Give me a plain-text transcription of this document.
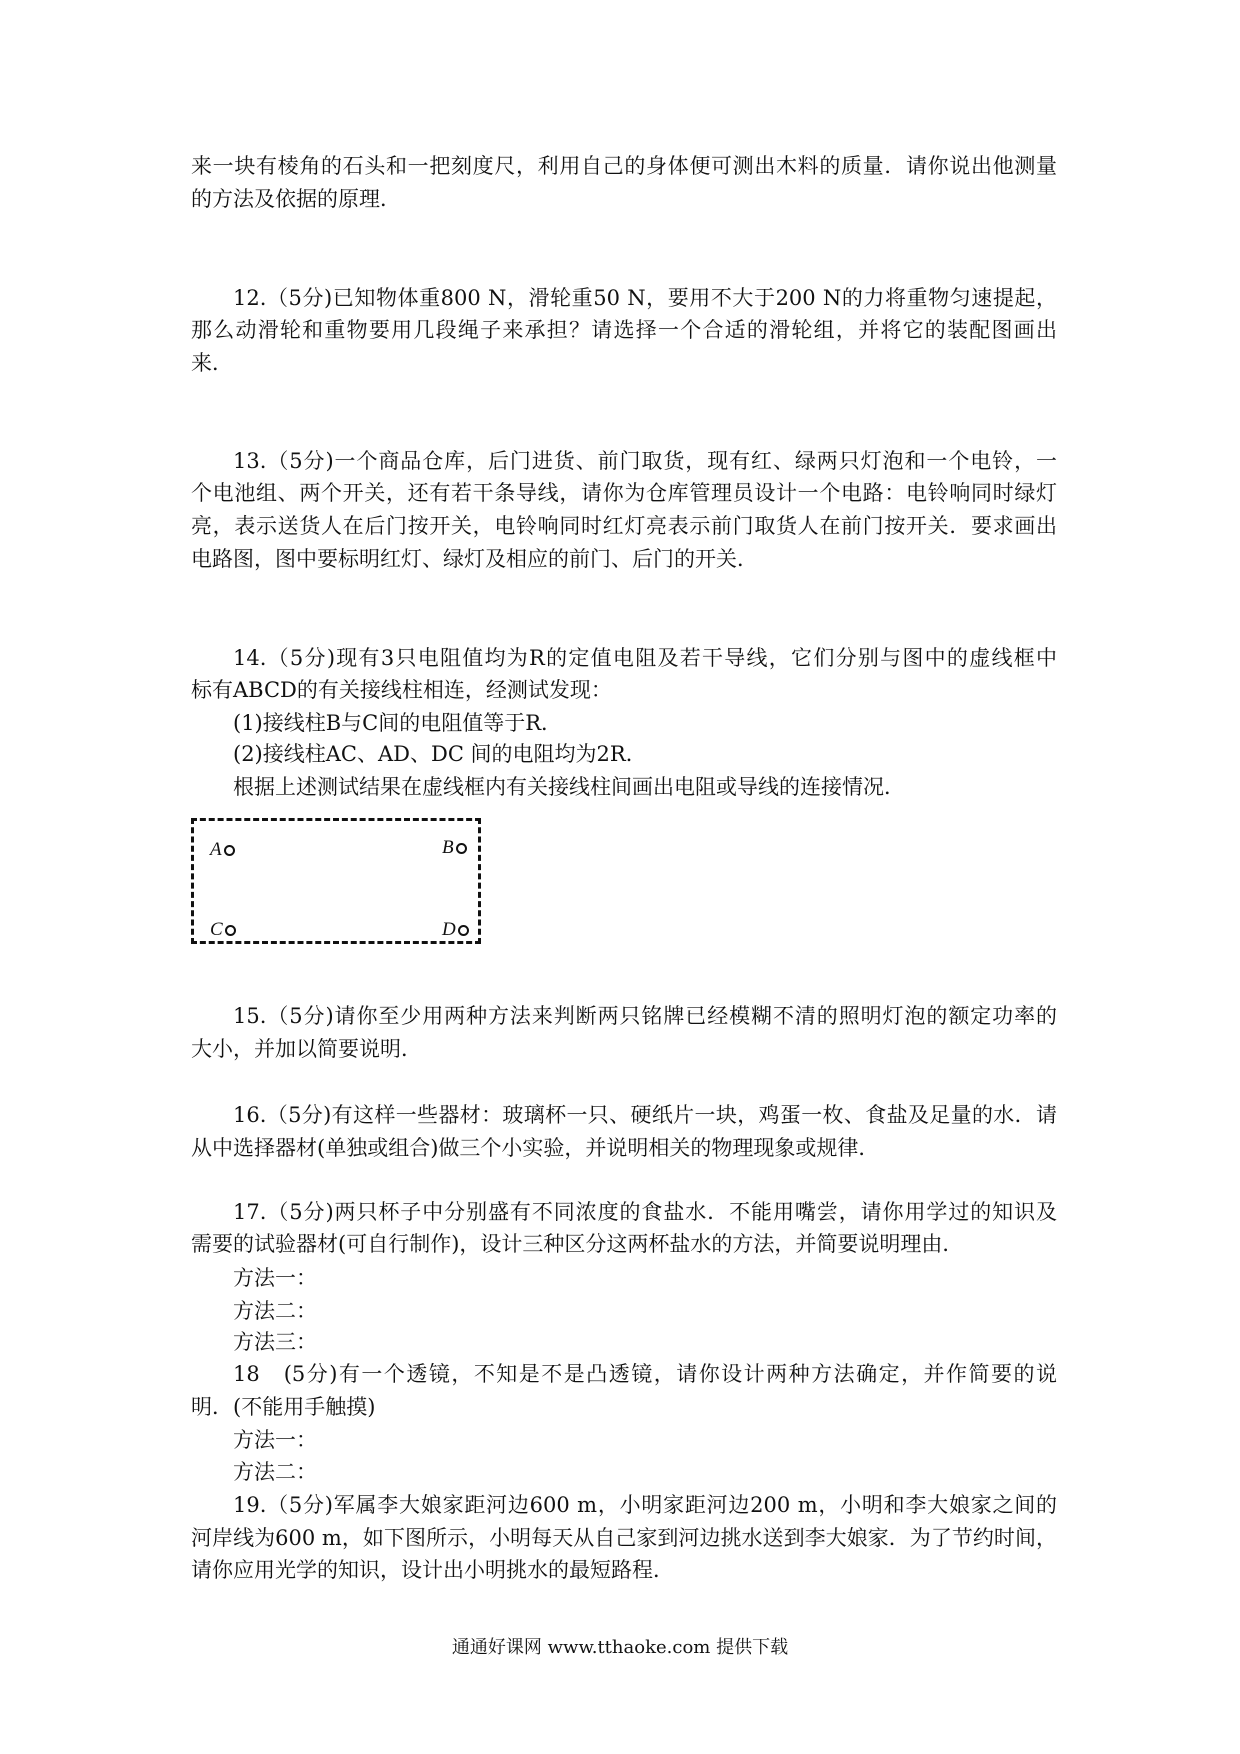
来一块有棱角的石头和一把刻度尺，利用自己的身体便可测出木料的质量．请你说出他测量
的方法及依据的原理．
12.（5分)已知物体重800 N，滑轮重50 N，要用不大于200 N的力将重物匀速提起，
那么动滑轮和重物要用几段绳子来承担？请选择一个合适的滑轮组，并将它的装配图画出
来．
13.（5分)一个商品仓库，后门进货、前门取货，现有红、绿两只灯泡和一个电铃，一
个电池组、两个开关，还有若干条导线，请你为仓库管理员设计一个电路：电铃响同时绿灯
亮，表示送货人在后门按开关，电铃响同时红灯亮表示前门取货人在前门按开关．要求画出
电路图，图中要标明红灯、绿灯及相应的前门、后门的开关．
14.（5分)现有3只电阻值均为R的定值电阻及若干导线，它们分别与图中的虚线框中
标有ABCD的有关接线柱相连，经测试发现：
(1)接线柱B与C间的电阻值等于R．
(2)接线柱AC、AD、DC 间的电阻均为2R．
根据上述测试结果在虚线框内有关接线柱间画出电阻或导线的连接情况．
A	B
C	D
15.（5分)请你至少用两种方法来判断两只铭牌已经模糊不清的照明灯泡的额定功率的
大小，并加以简要说明．
16.（5分)有这样一些器材：玻璃杯一只、硬纸片一块，鸡蛋一枚、食盐及足量的水．请
从中选择器材(单独或组合)做三个小实验，并说明相关的物理现象或规律．
17.（5分)两只杯子中分别盛有不同浓度的食盐水．不能用嘴尝，请你用学过的知识及
需要的试验器材(可自行制作)，设计三种区分这两杯盐水的方法，并简要说明理由．
方法一：
方法二：
方法三：
18　(5分)有一个透镜，不知是不是凸透镜，请你设计两种方法确定，并作简要的说
明．(不能用手触摸)
方法一：
方法二：
19.（5分)军属李大娘家距河边600 m，小明家距河边200 m，小明和李大娘家之间的
河岸线为600 m，如下图所示，小明每天从自己家到河边挑水送到李大娘家．为了节约时间，
请你应用光学的知识，设计出小明挑水的最短路程．
通通好课网 www.tthaoke.com 提供下载
